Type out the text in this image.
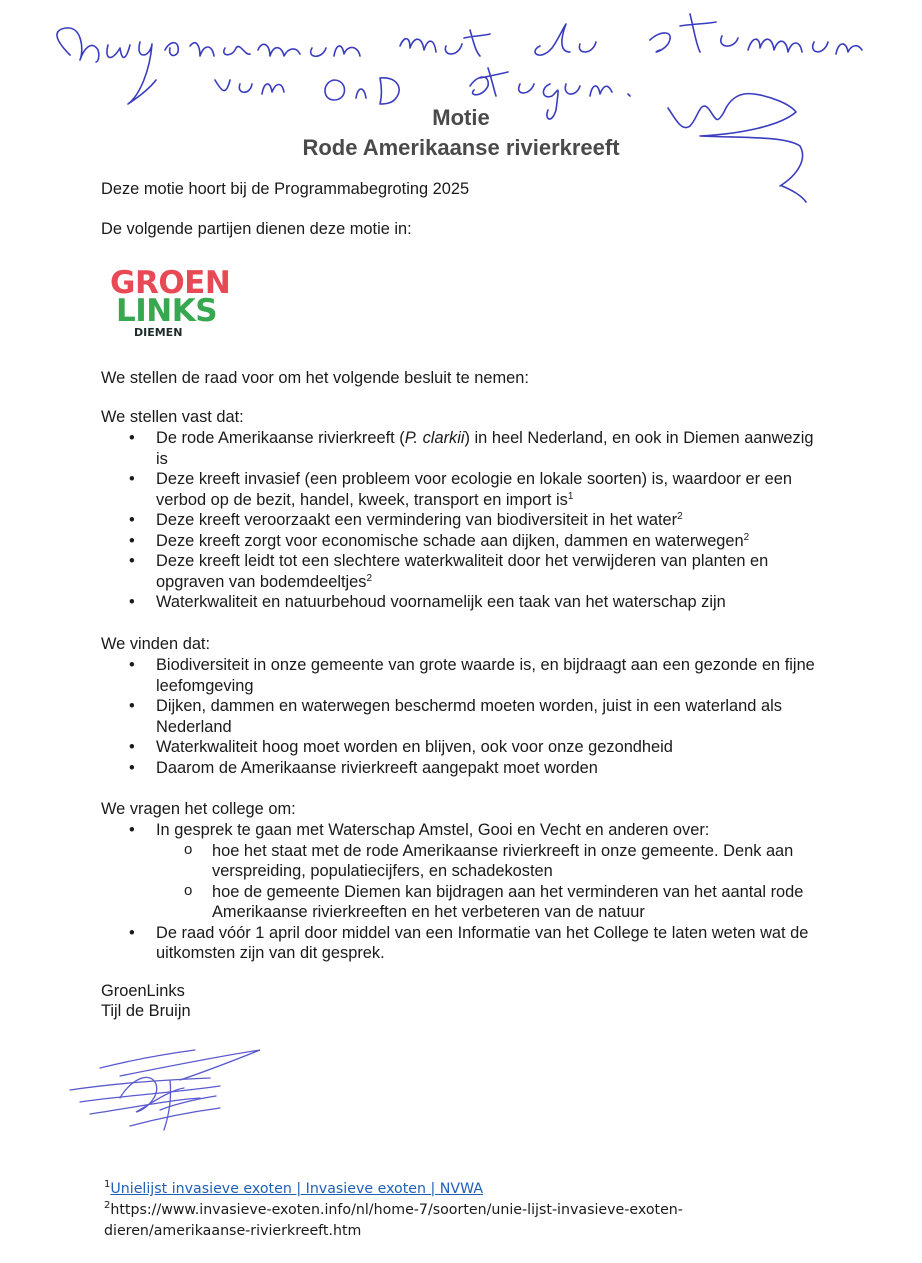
Motie
Rode Amerikaanse rivierkreeft
Deze motie hoort bij de Programmabegroting 2025
De volgende partijen dienen deze motie in:
GROEN
LINKS
DIEMEN
We stellen de raad voor om het volgende besluit te nemen:
We stellen vast dat:
• De rode Amerikaanse rivierkreeft (P. clarkii) in heel Nederland, en ook in Diemen aanwezig is
• Deze kreeft invasief (een probleem voor ecologie en lokale soorten) is, waardoor er een verbod op de bezit, handel, kweek, transport en import $is^1$
• Deze kreeft veroorzaakt een vermindering van biodiversiteit in het water$^2$
• Deze kreeft zorgt voor economische schade aan dijken, dammen en waterwegen$^2$
• Deze kreeft leidt tot een slechtere waterkwaliteit door het verwijderen van planten en opgraven van bodemdeeltjes$^2$
• Waterkwaliteit en natuurbehoud voornamelijk een taak van het waterschap zijn
We vinden dat:
• Biodiversiteit in onze gemeente van grote waarde is, en bijdraagt aan een gezonde en fijne leefomgeving
• Dijken, dammen en waterwegen beschermd moeten worden, juist in een waterland als Nederland
• Waterkwaliteit hoog moet worden en blijven, ook voor onze gezondheid
• Daarom de Amerikaanse rivierkreeft aangepakt moet worden
We vragen het college om:
• In gesprek te gaan met Waterschap Amstel, Gooi en Vecht en anderen over:
o hoe het staat met de rode Amerikaanse rivierkreeft in onze gemeente. Denk aan verspreiding, populatiecijfers, en schadekosten
o hoe de gemeente Diemen kan bijdragen aan het verminderen van het aantal rode Amerikaanse rivierkreeften en het verbeteren van de natuur
• De raad vóór 1 april door middel van een Informatie van het College te laten weten wat de uitkomsten zijn van dit gesprek.
GroenLinks
Tijl de Bruijn
$^1$Unielijst invasieve exoten | Invasieve exoten | NVWA
$^2$https://www.invasieve-exoten.info/nl/home-7/soorten/unie-lijst-invasieve-exoten-
dieren/amerikaanse-rivierkreeft.htm
